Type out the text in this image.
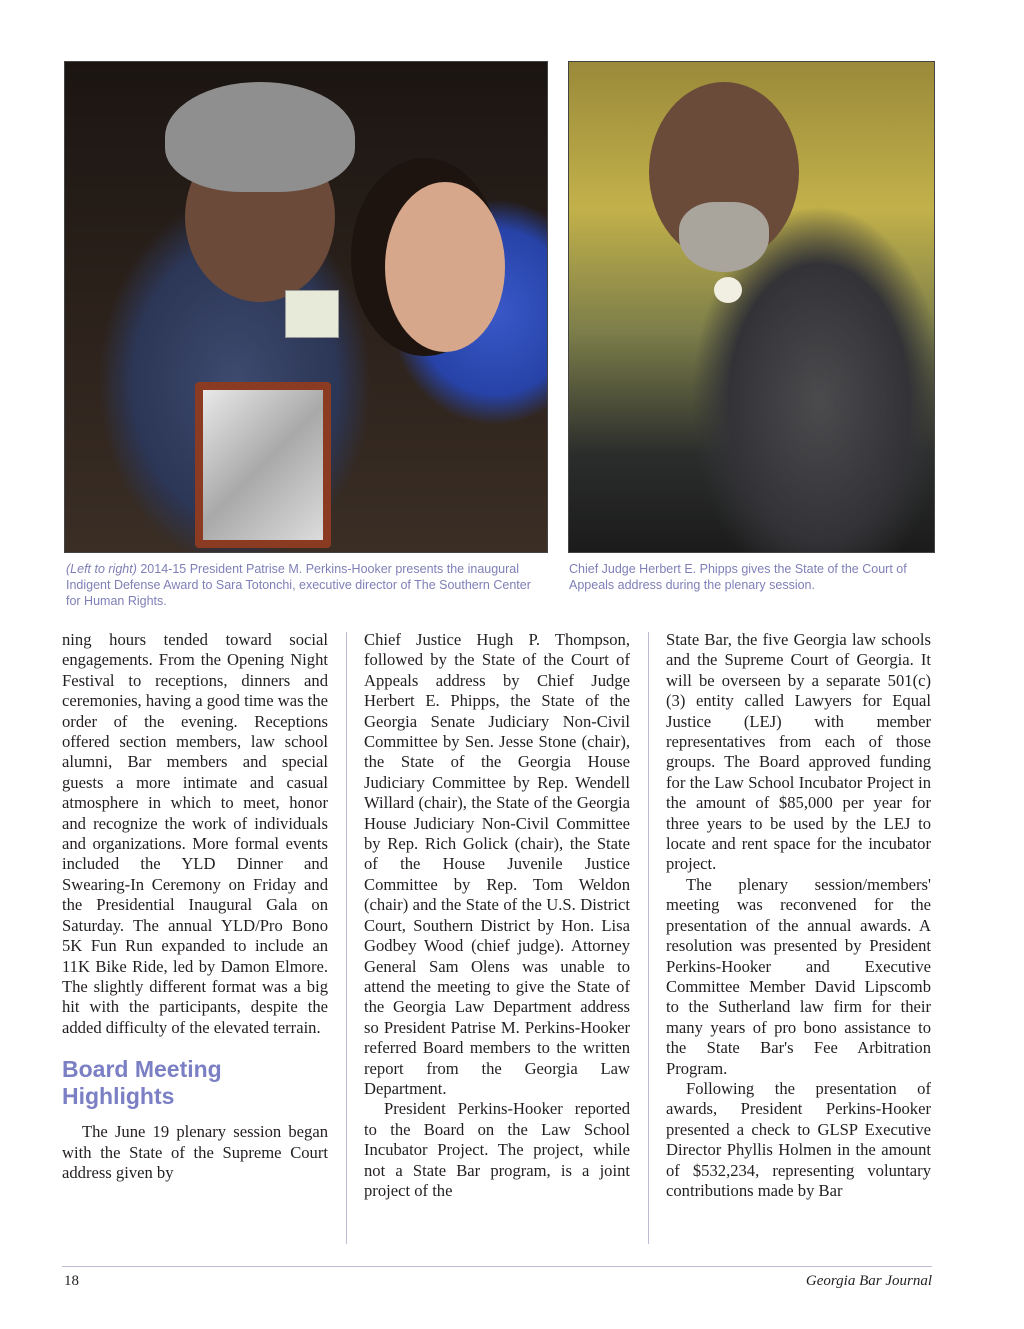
(Left to right) 2014-15 President Patrise M. Perkins-Hooker presents the inaugural Indigent Defense Award to Sara Totonchi, executive director of The Southern Center for Human Rights.

Chief Judge Herbert E. Phipps gives the State of the Court of Appeals address during the plenary session.

ning hours tended toward social engagements. From the Opening Night Festival to receptions, dinners and ceremonies, having a good time was the order of the evening. Receptions offered section members, law school alumni, Bar members and special guests a more intimate and casual atmosphere in which to meet, honor and recognize the work of individuals and organizations. More formal events included the YLD Dinner and Swearing-In Ceremony on Friday and the Presidential Inaugural Gala on Saturday. The annual YLD/Pro Bono 5K Fun Run expanded to include an 11K Bike Ride, led by Damon Elmore. The slightly different format was a big hit with the participants, despite the added difficulty of the elevated terrain.

Board Meeting Highlights

The June 19 plenary session began with the State of the Supreme Court address given by

Chief Justice Hugh P. Thompson, followed by the State of the Court of Appeals address by Chief Judge Herbert E. Phipps, the State of the Georgia Senate Judiciary Non-Civil Committee by Sen. Jesse Stone (chair), the State of the Georgia House Judiciary Committee by Rep. Wendell Willard (chair), the State of the Georgia House Judiciary Non-Civil Committee by Rep. Rich Golick (chair), the State of the House Juvenile Justice Committee by Rep. Tom Weldon (chair) and the State of the U.S. District Court, Southern District by Hon. Lisa Godbey Wood (chief judge). Attorney General Sam Olens was unable to attend the meeting to give the State of the Georgia Law Department address so President Patrise M. Perkins-Hooker referred Board members to the written report from the Georgia Law Department.

President Perkins-Hooker reported to the Board on the Law School Incubator Project. The project, while not a State Bar program, is a joint project of the

State Bar, the five Georgia law schools and the Supreme Court of Georgia. It will be overseen by a separate 501(c)(3) entity called Lawyers for Equal Justice (LEJ) with member representatives from each of those groups. The Board approved funding for the Law School Incubator Project in the amount of $85,000 per year for three years to be used by the LEJ to locate and rent space for the incubator project.

The plenary session/members' meeting was reconvened for the presentation of the annual awards. A resolution was presented by President Perkins-Hooker and Executive Committee Member David Lipscomb to the Sutherland law firm for their many years of pro bono assistance to the State Bar's Fee Arbitration Program.

Following the presentation of awards, President Perkins-Hooker presented a check to GLSP Executive Director Phyllis Holmen in the amount of $532,234, representing voluntary contributions made by Bar

18	Georgia Bar Journal
